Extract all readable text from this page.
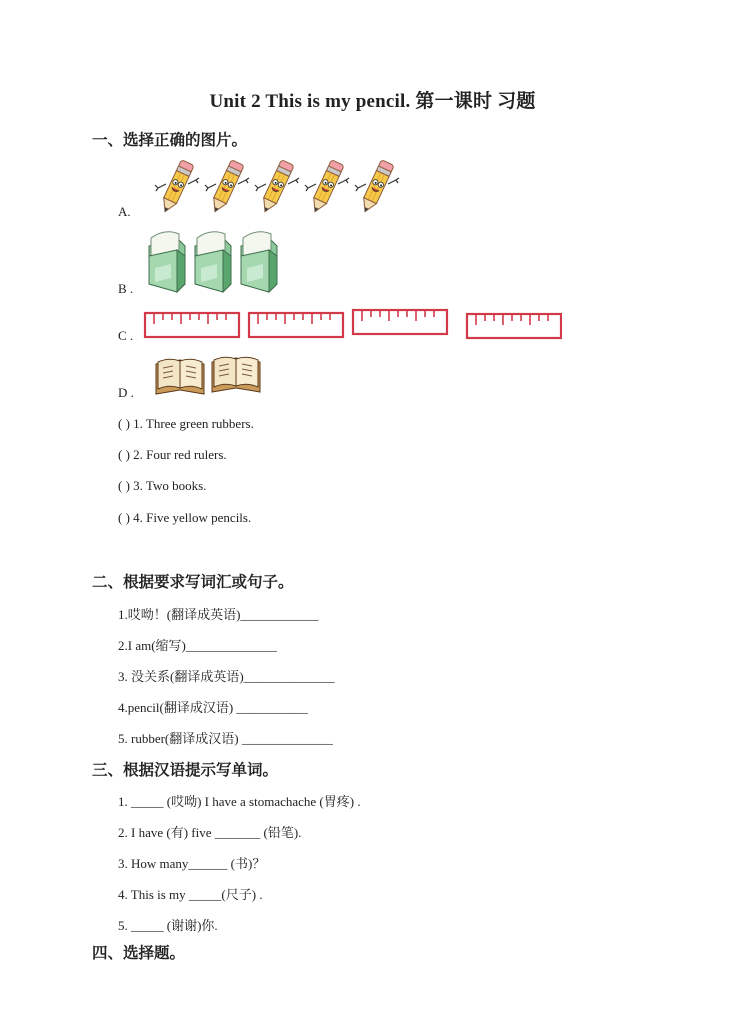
Unit 2 This is my pencil. 第一课时 习题
一、选择正确的图片。
A.
B .
C .
D .
( ) 1. Three green rubbers.
( ) 2. Four red rulers.
( ) 3. Two books.
( ) 4. Five yellow pencils.
二、根据要求写词汇或句子。
1.哎呦！(翻译成英语)____________
2.I am(缩写)______________
3. 没关系(翻译成英语)______________
4.pencil(翻译成汉语) ___________
5. rubber(翻译成汉语) ______________
三、根据汉语提示写单词。
1. _____ (哎呦) I have a stomachache (胃疼) .
2. I have (有) five _______ (铅笔).
3. How many______ (书)？
4. This is my _____(尺子) .
5. _____ (谢谢)你.
四、选择题。
